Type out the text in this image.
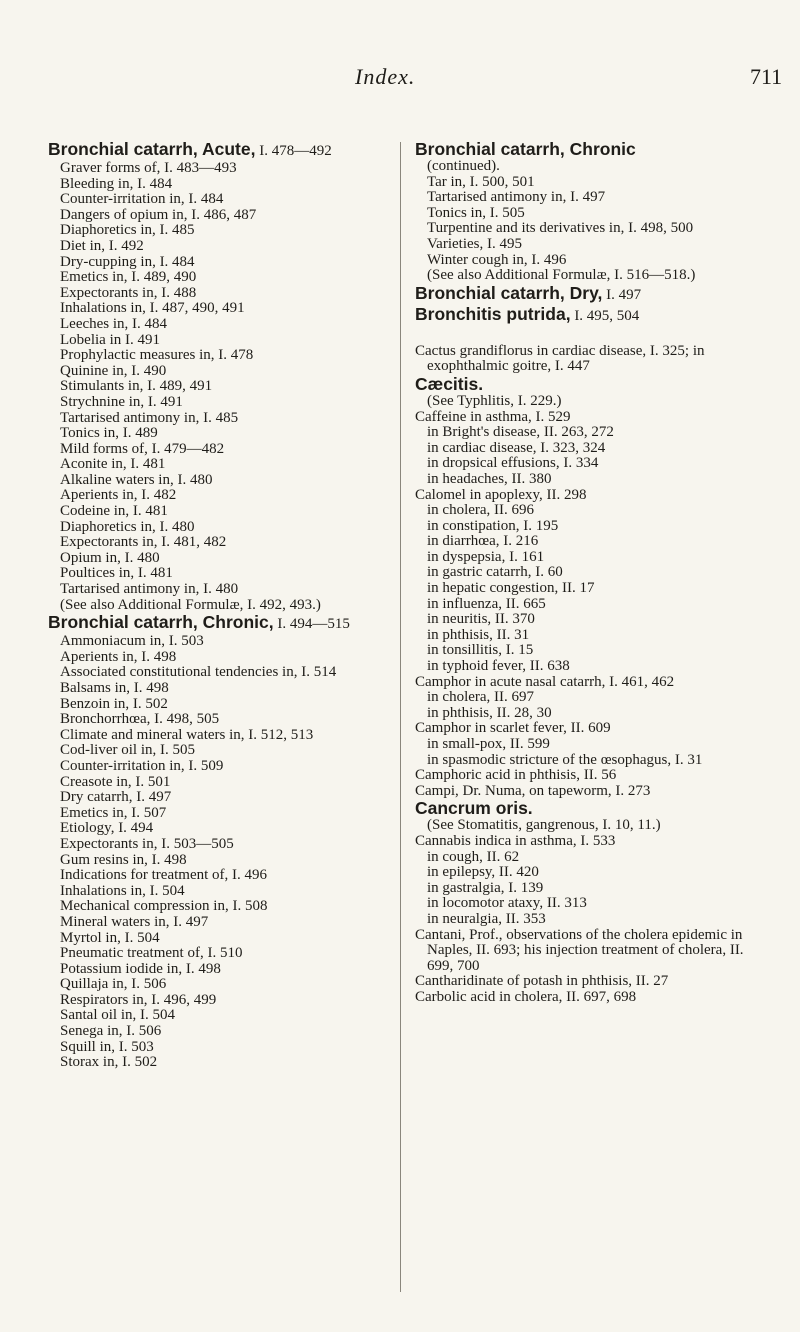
Index.	711
Bronchial catarrh, Acute, I. 478—492
Graver forms of, I. 483—493
Bleeding in, I. 484
Counter-irritation in, I. 484
Dangers of opium in, I. 486, 487
Diaphoretics in, I. 485
Diet in, I. 492
Dry-cupping in, I. 484
Emetics in, I. 489, 490
Expectorants in, I. 488
Inhalations in, I. 487, 490, 491
Leeches in, I. 484
Lobelia in I. 491
Prophylactic measures in, I. 478
Quinine in, I. 490
Stimulants in, I. 489, 491
Strychnine in, I. 491
Tartarised antimony in, I. 485
Tonics in, I. 489
Mild forms of, I. 479—482
Aconite in, I. 481
Alkaline waters in, I. 480
Aperients in, I. 482
Codeine in, I. 481
Diaphoretics in, I. 480
Expectorants in, I. 481, 482
Opium in, I. 480
Poultices in, I. 481
Tartarised antimony in, I. 480
(See also Additional Formulæ, I. 492, 493.)
Bronchial catarrh, Chronic, I. 494—515
Ammoniacum in, I. 503
Aperients in, I. 498
Associated constitutional tendencies in, I. 514
Balsams in, I. 498
Benzoin in, I. 502
Bronchorrhœa, I. 498, 505
Climate and mineral waters in, I. 512, 513
Cod-liver oil in, I. 505
Counter-irritation in, I. 509
Creasote in, I. 501
Dry catarrh, I. 497
Emetics in, I. 507
Etiology, I. 494
Expectorants in, I. 503—505
Gum resins in, I. 498
Indications for treatment of, I. 496
Inhalations in, I. 504
Mechanical compression in, I. 508
Mineral waters in, I. 497
Myrtol in, I. 504
Pneumatic treatment of, I. 510
Potassium iodide in, I. 498
Quillaja in, I. 506
Respirators in, I. 496, 499
Santal oil in, I. 504
Senega in, I. 506
Squill in, I. 503
Storax in, I. 502
Bronchial catarrh, Chronic
(continued).
Tar in, I. 500, 501
Tartarised antimony in, I. 497
Tonics in, I. 505
Turpentine and its derivatives in, I. 498, 500
Varieties, I. 495
Winter cough in, I. 496
(See also Additional Formulæ, I. 516—518.)
Bronchial catarrh, Dry, I. 497
Bronchitis putrida, I. 495, 504
Cactus grandiflorus in cardiac disease, I. 325; in exophthalmic goitre, I. 447
Cæcitis.
(See Typhlitis, I. 229.)
Caffeine in asthma, I. 529
in Bright's disease, II. 263, 272
in cardiac disease, I. 323, 324
in dropsical effusions, I. 334
in headaches, II. 380
Calomel in apoplexy, II. 298
in cholera, II. 696
in constipation, I. 195
in diarrhœa, I. 216
in dyspepsia, I. 161
in gastric catarrh, I. 60
in hepatic congestion, II. 17
in influenza, II. 665
in neuritis, II. 370
in phthisis, II. 31
in tonsillitis, I. 15
in typhoid fever, II. 638
Camphor in acute nasal catarrh, I. 461, 462
in cholera, II. 697
in phthisis, II. 28, 30
Camphor in scarlet fever, II. 609
in small-pox, II. 599
in spasmodic stricture of the œsophagus, I. 31
Camphoric acid in phthisis, II. 56
Campi, Dr. Numa, on tapeworm, I. 273
Cancrum oris.
(See Stomatitis, gangrenous, I. 10, 11.)
Cannabis indica in asthma, I. 533
in cough, II. 62
in epilepsy, II. 420
in gastralgia, I. 139
in locomotor ataxy, II. 313
in neuralgia, II. 353
Cantani, Prof., observations of the cholera epidemic in Naples, II. 693; his injection treatment of cholera, II. 699, 700
Cantharidinate of potash in phthisis, II. 27
Carbolic acid in cholera, II. 697, 698
